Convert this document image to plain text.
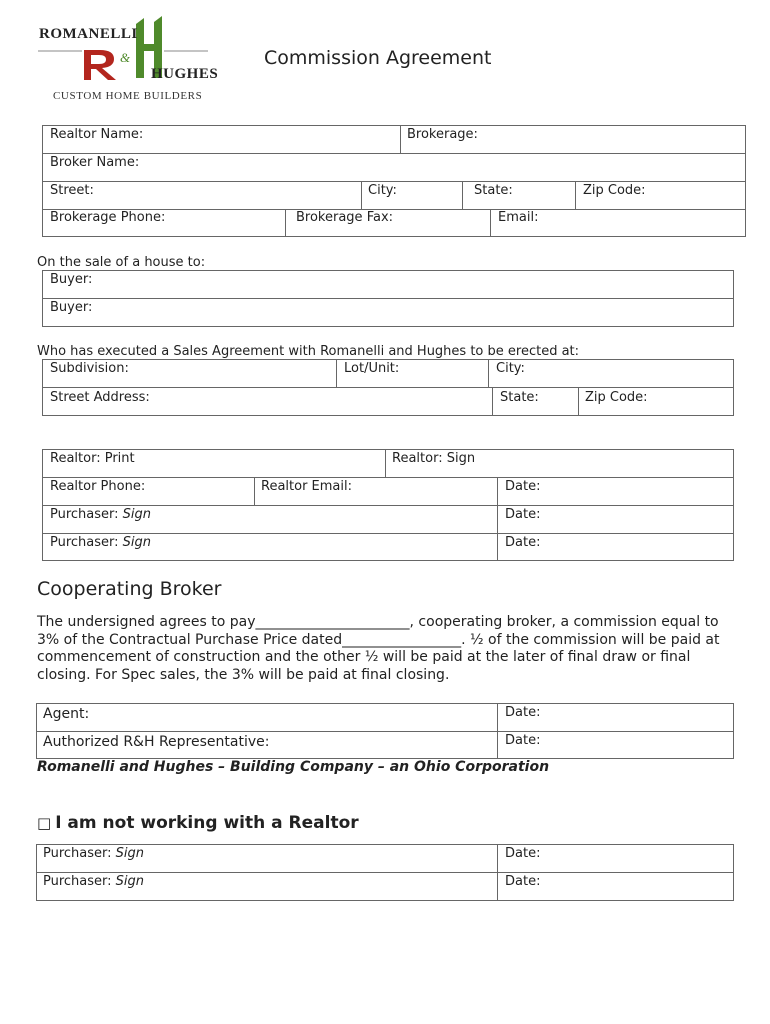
&
ROMANELLI
HUGHES
CUSTOM HOME BUILDERS
Commission Agreement
Realtor Name:	Brokerage:
Broker Name:
Street:	City:	State:	Zip Code:
Brokerage Phone:	Brokerage Fax:	Email:
On the sale of a house to:
Buyer:
Buyer:
Who has executed a Sales Agreement with Romanelli and Hughes to be erected at:
Subdivision:	Lot/Unit:	City:
Street Address:	State:	Zip Code:
Realtor: Print	Realtor: Sign
Realtor Phone:	Realtor Email:	Date:
Purchaser: Sign	Date:
Purchaser: Sign	Date:
Cooperating Broker
The undersigned agrees to pay______________________, cooperating broker, a commission equal to 3% of the Contractual Purchase Price dated_________________. ½ of the commission will be paid at commencement of construction and the other ½ will be paid at the later of final draw or final closing. For Spec sales, the 3% will be paid at final closing.
Agent:	Date:
Authorized R&H Representative:	Date:
Romanelli and Hughes – Building Company – an Ohio Corporation
□ I am not working with a Realtor
Purchaser: Sign	Date:
Purchaser: Sign	Date:
